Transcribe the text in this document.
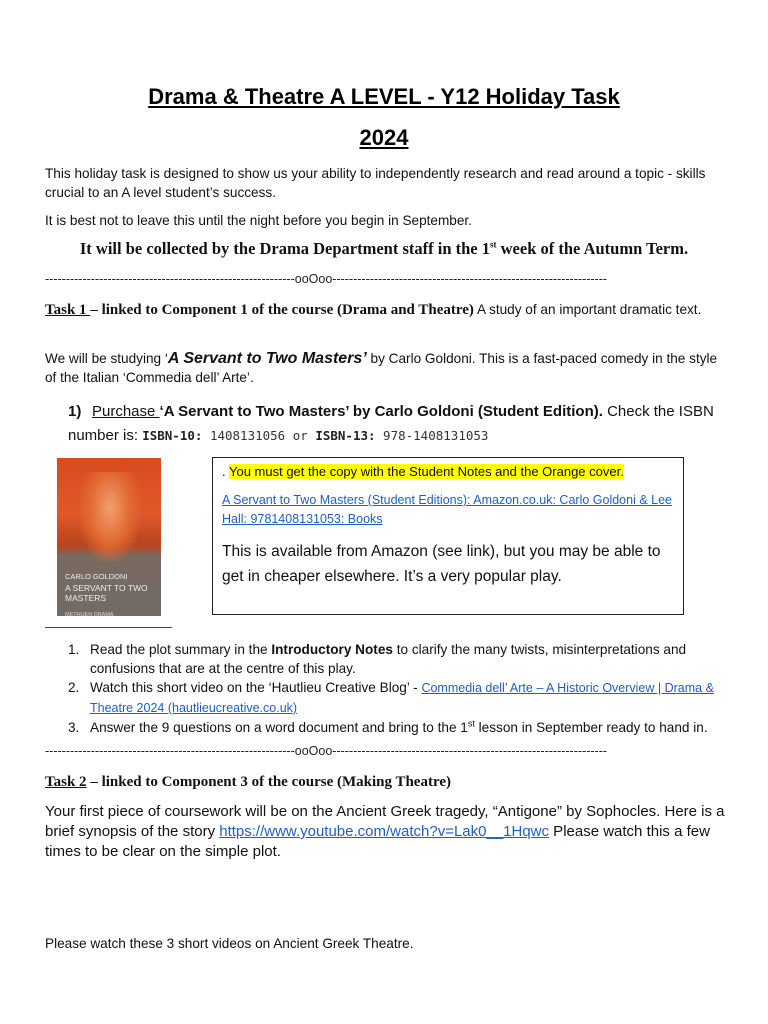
Drama & Theatre A LEVEL - Y12 Holiday Task
2024
This holiday task is designed to show us your ability to independently research and read around a topic - skills crucial to an A level student’s success.
It is best not to leave this until the night before you begin in September.
It will be collected by the Drama Department staff in the 1st week of the Autumn Term.
------------------------------------------------------------ooOoo------------------------------------------------------------------
Task 1 – linked to Component 1 of the course (Drama and Theatre) A study of an important dramatic text.
We will be studying ‘A Servant to Two Masters’ by Carlo Goldoni. This is a fast-paced comedy in the style of the Italian ‘Commedia dell’ Arte’.
1) Purchase ‘A Servant to Two Masters’ by Carlo Goldoni (Student Edition). Check the ISBN number is: ISBN-10: 1408131056 or ISBN-13: 978-1408131053
CARLO GOLDONI
A SERVANT TO TWO MASTERS
METHUEN DRAMA
. You must get the copy with the Student Notes and the Orange cover.
A Servant to Two Masters (Student Editions): Amazon.co.uk: Carlo Goldoni & Lee Hall: 9781408131053: Books
This is available from Amazon (see link), but you may be able to get in cheaper elsewhere. It’s a very popular play.
1. Read the plot summary in the Introductory Notes to clarify the many twists, misinterpretations and confusions that are at the centre of this play.
2. Watch this short video on the ‘Hautlieu Creative Blog’ - Commedia dell’ Arte – A Historic Overview | Drama & Theatre 2024 (hautlieucreative.co.uk)
3. Answer the 9 questions on a word document and bring to the 1st lesson in September ready to hand in.
------------------------------------------------------------ooOoo------------------------------------------------------------------
Task 2 – linked to Component 3 of the course (Making Theatre)
Your first piece of coursework will be on the Ancient Greek tragedy, “Antigone” by Sophocles. Here is a brief synopsis of the story https://www.youtube.com/watch?v=Lak0__1Hqwc Please watch this a few times to be clear on the simple plot.
Please watch these 3 short videos on Ancient Greek Theatre.
